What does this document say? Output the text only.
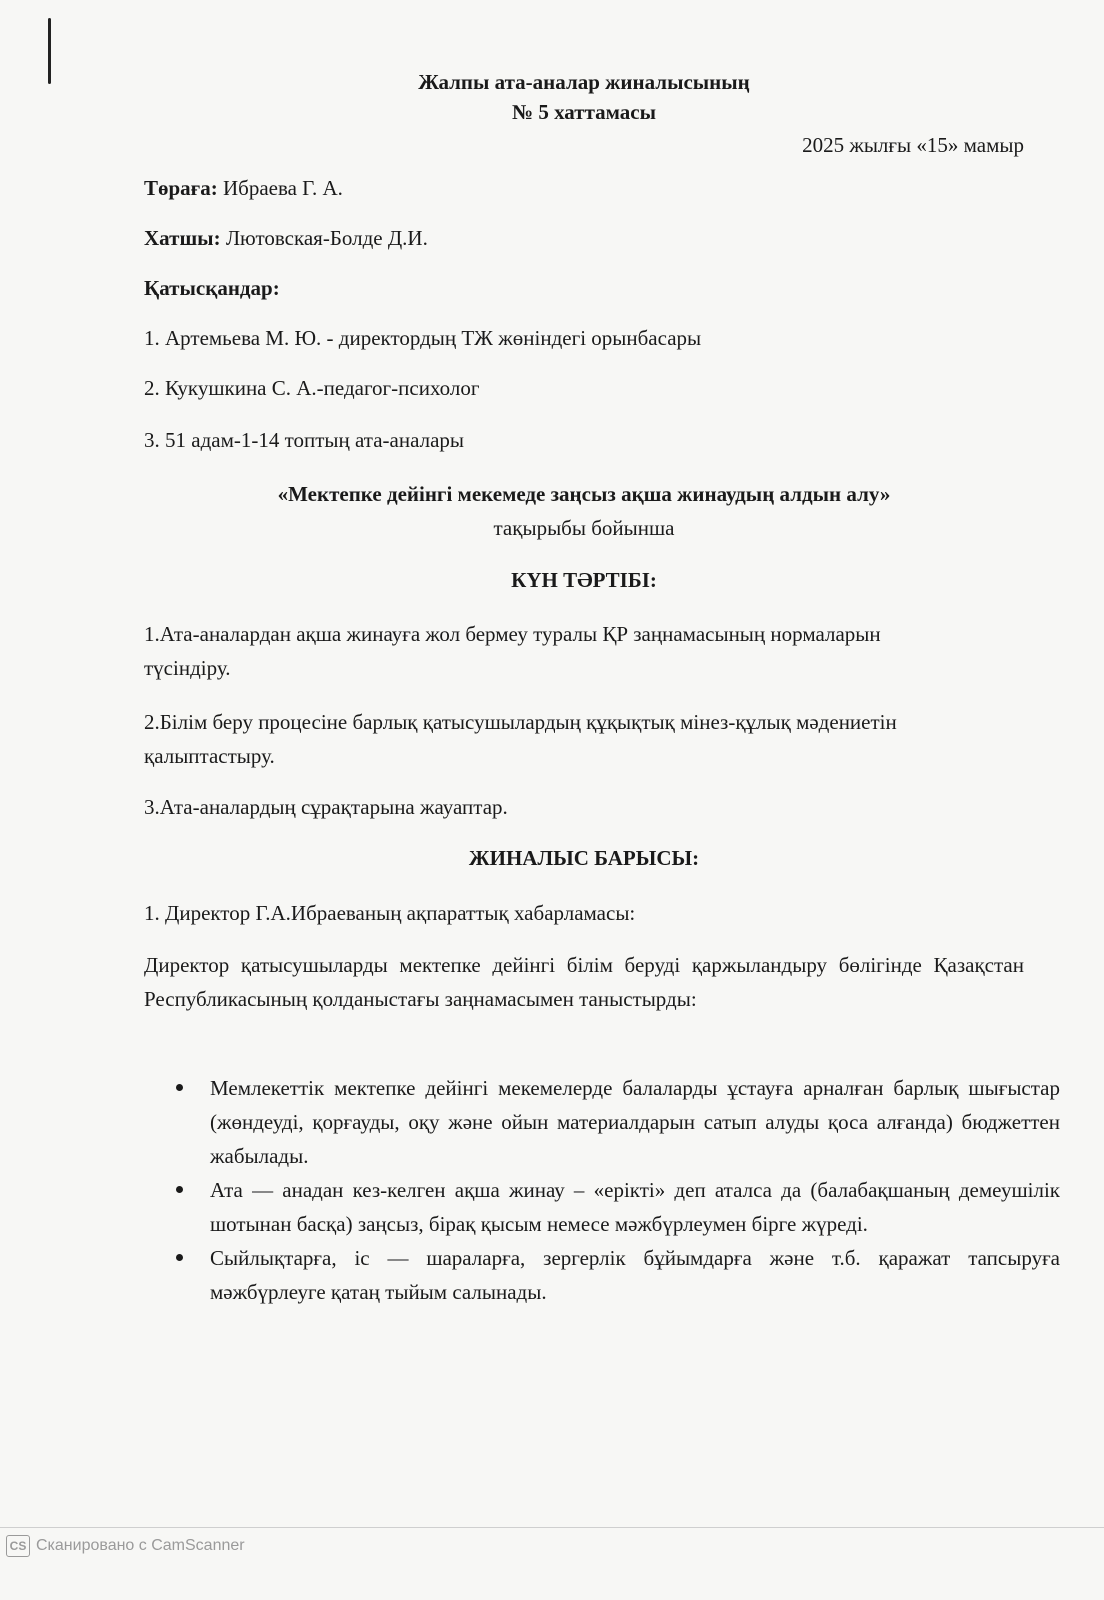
Жалпы ата-аналар жиналысының
№ 5 хаттамасы
2025 жылғы «15» мамыр
Төраға: Ибраева Г. А.
Хатшы: Лютовская-Болде Д.И.
Қатысқандар:
1. Артемьева М. Ю. - директордың ТЖ жөніндегі орынбасары
2. Кукушкина С. А.-педагог-психолог
3. 51 адам-1-14 топтың ата-аналары
«Мектепке дейінгі мекемеде заңсыз ақша жинаудың алдын алу»
тақырыбы бойынша
КҮН ТӘРТІБІ:
1.Ата-аналардан ақша жинауға жол бермеу туралы ҚР заңнамасының нормаларын түсіндіру.
2.Білім беру процесіне барлық қатысушылардың құқықтық мінез-құлық мәдениетін қалыптастыру.
3.Ата-аналардың сұрақтарына жауаптар.
ЖИНАЛЫС БАРЫСЫ:
1. Директор Г.А.Ибраеваның ақпараттық хабарламасы:
Директор қатысушыларды мектепке дейінгі білім беруді қаржыландыру бөлігінде Қазақстан Республикасының қолданыстағы заңнамасымен таныстырды:
Мемлекеттік мектепке дейінгі мекемелерде балаларды ұстауға арналған барлық шығыстар (жөндеуді, қорғауды, оқу және ойын материалдарын сатып алуды қоса алғанда) бюджеттен жабылады.
Ата — анадан кез-келген ақша жинау – «ерікті» деп аталса да (балабақшаның демеушілік шотынан басқа) заңсыз, бірақ қысым немесе мәжбүрлеумен бірге жүреді.
Сыйлықтарға, іс — шараларға, зергерлік бұйымдарға және т.б. қаражат тапсыруға мәжбүрлеуге қатаң тыйым салынады.
CS Сканировано с CamScanner
